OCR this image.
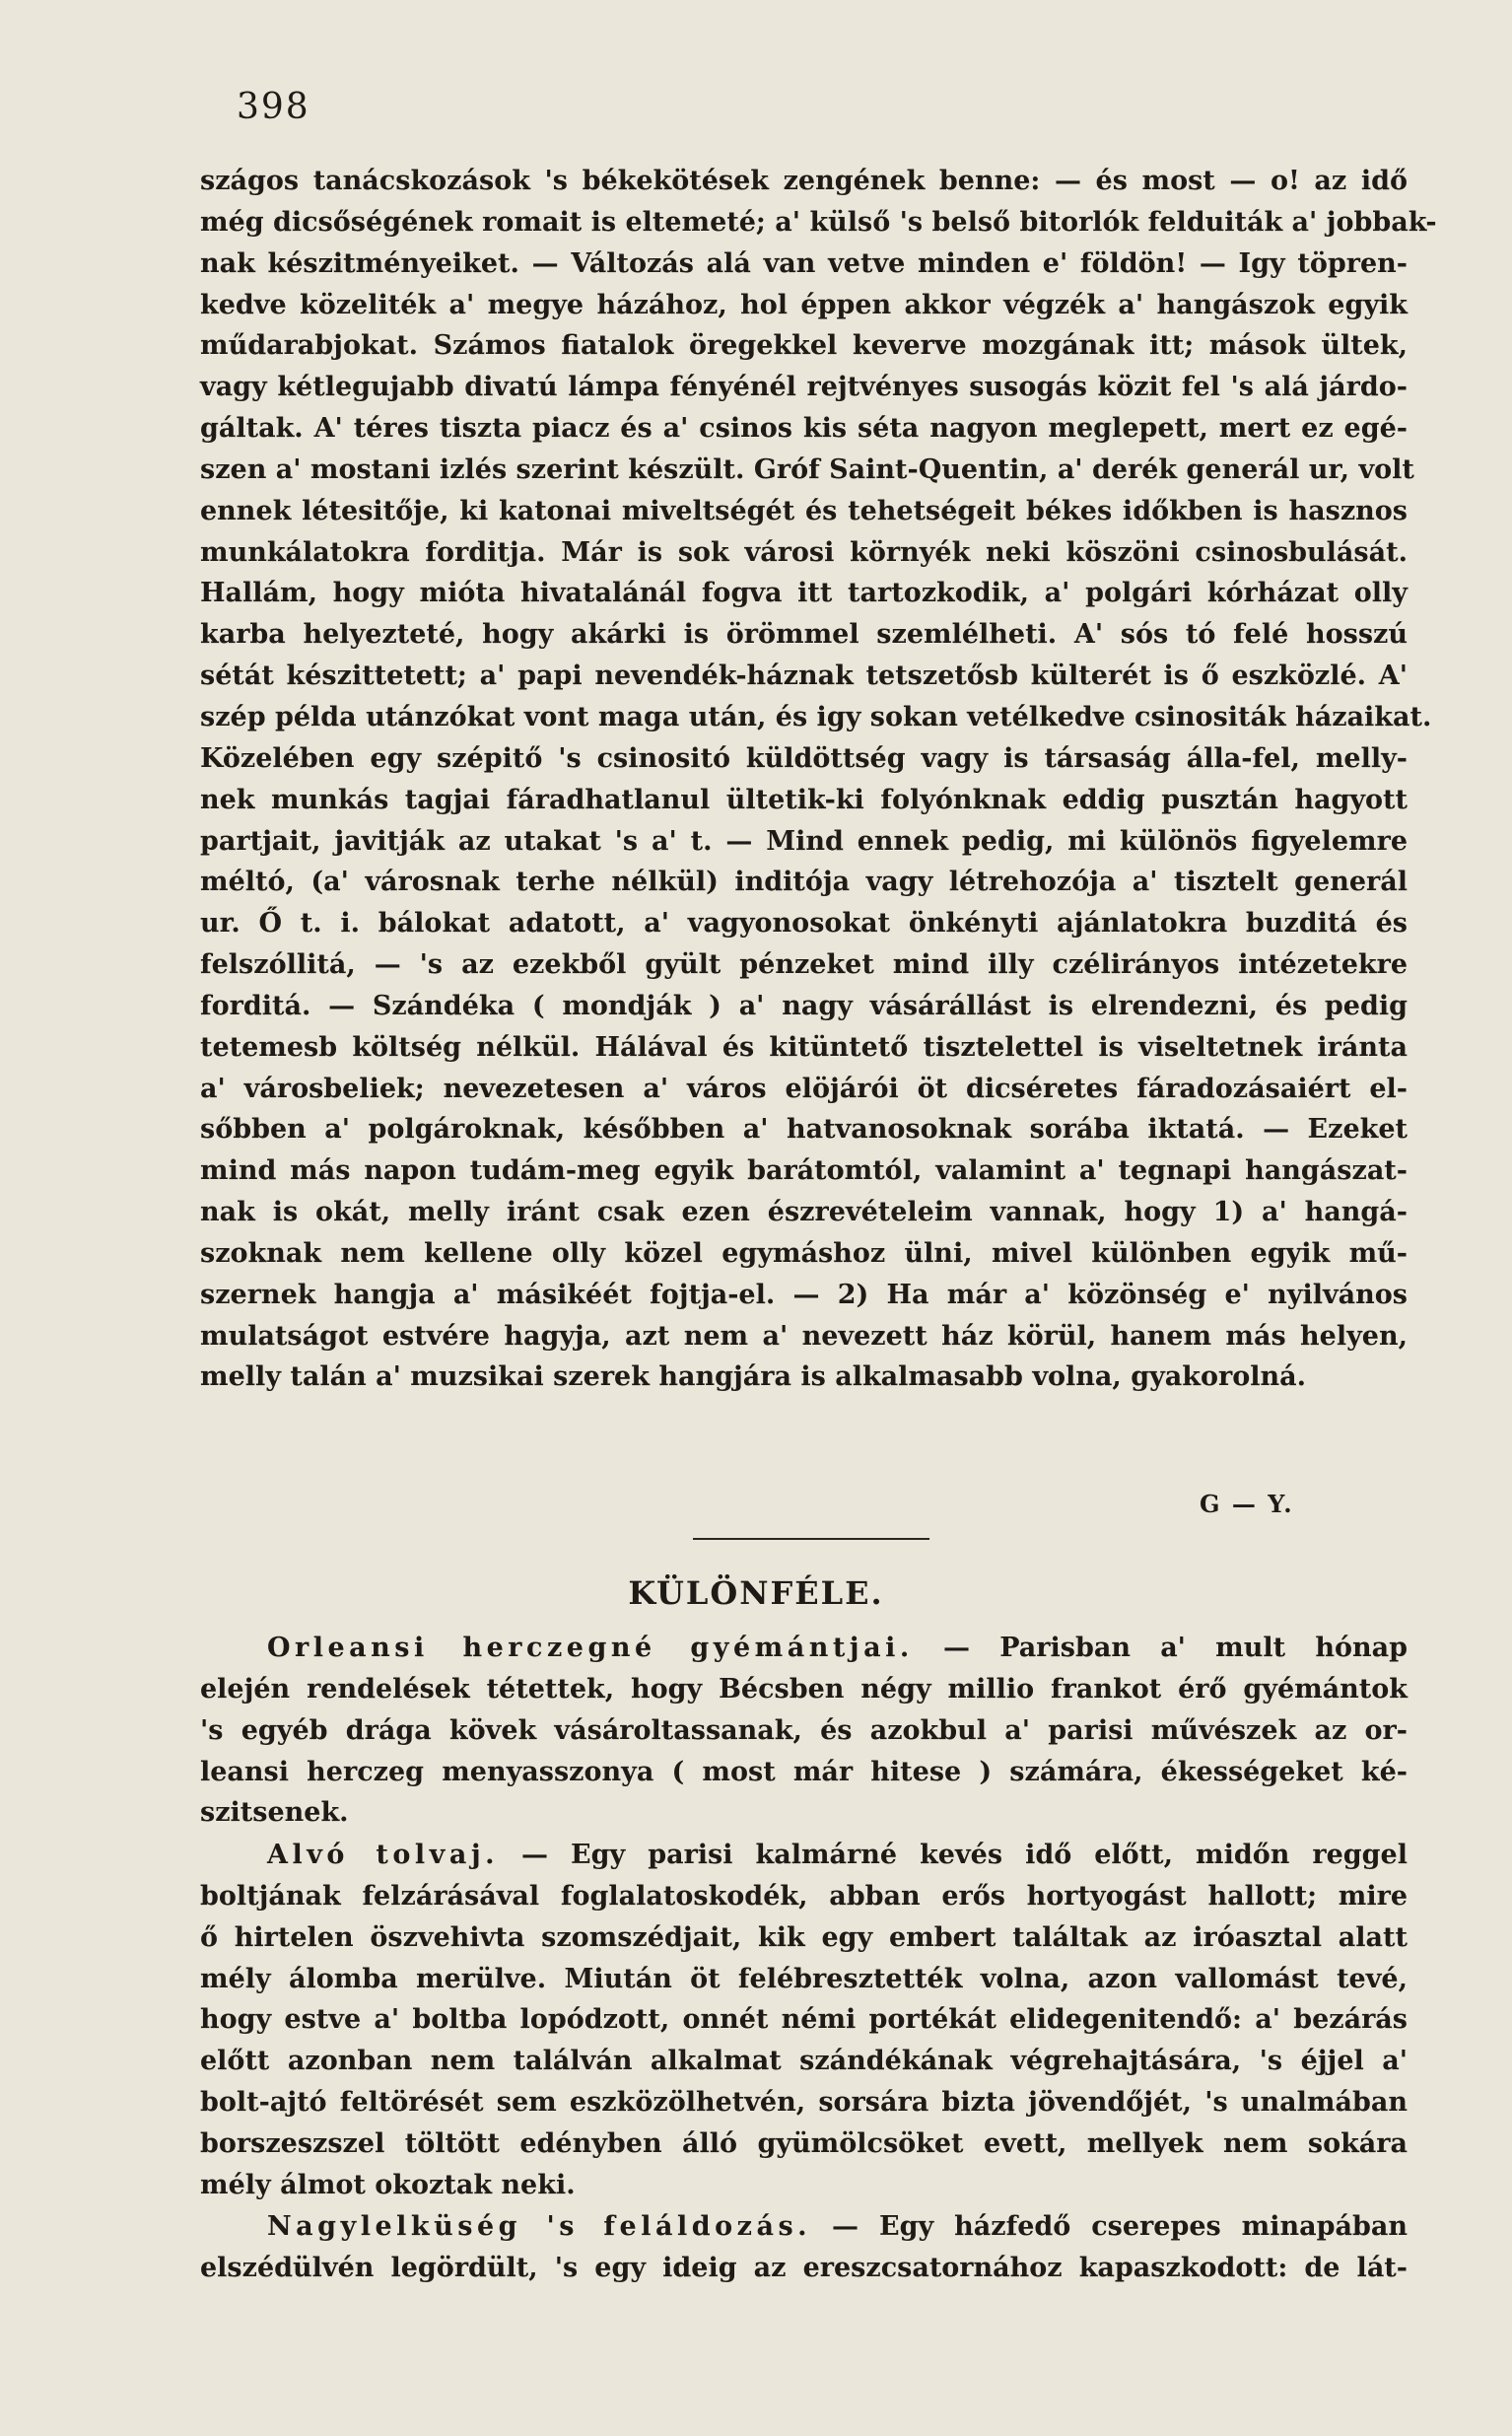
398
szágos tanácskozások 's békekötések zengének benne: — és most — o! az idő
még dicsőségének romait is eltemeté; a' külső 's belső bitorlók felduiták a' jobbak-
nak készitményeiket. — Változás alá van vetve minden e' földön! — Igy töpren-
kedve közeliték a' megye házához, hol éppen akkor végzék a' hangászok egyik
műdarabjokat. Számos fiatalok öregekkel keverve mozgának itt; mások ültek,
vagy kétlegujabb divatú lámpa fényénél rejtvényes susogás közit fel 's alá járdo-
gáltak. A' téres tiszta piacz és a' csinos kis séta nagyon meglepett, mert ez egé-
szen a' mostani izlés szerint készült. Gróf Saint-Quentin, a' derék generál ur, volt
ennek létesitője, ki katonai miveltségét és tehetségeit békes időkben is hasznos
munkálatokra forditja. Már is sok városi környék neki köszöni csinosbulását.
Hallám, hogy mióta hivatalánál fogva itt tartozkodik, a' polgári kórházat olly
karba helyezteté, hogy akárki is örömmel szemlélheti. A' sós tó felé hosszú
sétát készittetett; a' papi nevendék-háznak tetszetősb külterét is ő eszközlé. A'
szép példa utánzókat vont maga után, és igy sokan vetélkedve csinositák házaikat.
Közelében egy szépitő 's csinositó küldöttség vagy is társaság álla-fel, melly-
nek munkás tagjai fáradhatlanul ültetik-ki folyónknak eddig pusztán hagyott
partjait, javitják az utakat 's a' t. — Mind ennek pedig, mi különös figyelemre
méltó, (a' városnak terhe nélkül) inditója vagy létrehozója a' tisztelt generál
ur. Ő t. i. bálokat adatott, a' vagyonosokat önkényti ajánlatokra buzditá és
felszóllitá, — 's az ezekből gyült pénzeket mind illy czélirányos intézetekre
forditá. — Szándéka ( mondják ) a' nagy vásárállást is elrendezni, és pedig
tetemesb költség nélkül. Hálával és kitüntető tisztelettel is viseltetnek iránta
a' városbeliek; nevezetesen a' város elöjárói öt dicséretes fáradozásaiért el-
sőbben a' polgároknak, későbben a' hatvanosoknak sorába iktatá. — Ezeket
mind más napon tudám-meg egyik barátomtól, valamint a' tegnapi hangászat-
nak is okát, melly iránt csak ezen észrevételeim vannak, hogy 1) a' hangá-
szoknak nem kellene olly közel egymáshoz ülni, mivel különben egyik mű-
szernek hangja a' másikéét fojtja-el. — 2) Ha már a' közönség e' nyilvános
mulatságot estvére hagyja, azt nem a' nevezett ház körül, hanem más helyen,
melly talán a' muzsikai szerek hangjára is alkalmasabb volna, gyakorolná.
G — Y.
KÜLÖNFÉLE.
Orleansi herczegné gyémántjai. — Parisban a' mult hónap
elején rendelések tétettek, hogy Bécsben négy millio frankot érő gyémántok
's egyéb drága kövek vásároltassanak, és azokbul a' parisi művészek az or-
leansi herczeg menyasszonya ( most már hitese ) számára, ékességeket ké-
szitsenek.
Alvó tolvaj. — Egy parisi kalmárné kevés idő előtt, midőn reggel
boltjának felzárásával foglalatoskodék, abban erős hortyogást hallott; mire
ő hirtelen öszvehivta szomszédjait, kik egy embert találtak az iróasztal alatt
mély álomba merülve. Miután öt felébresztették volna, azon vallomást tevé,
hogy estve a' boltba lopódzott, onnét némi portékát elidegenitendő: a' bezárás
előtt azonban nem találván alkalmat szándékának végrehajtására, 's éjjel a'
bolt-ajtó feltörését sem eszközölhetvén, sorsára bizta jövendőjét, 's unalmában
borszeszszel töltött edényben álló gyümölcsöket evett, mellyek nem sokára
mély álmot okoztak neki.
Nagylelküség 's feláldozás. — Egy házfedő cserepes minapában
elszédülvén legördült, 's egy ideig az ereszcsatornához kapaszkodott: de lát-
